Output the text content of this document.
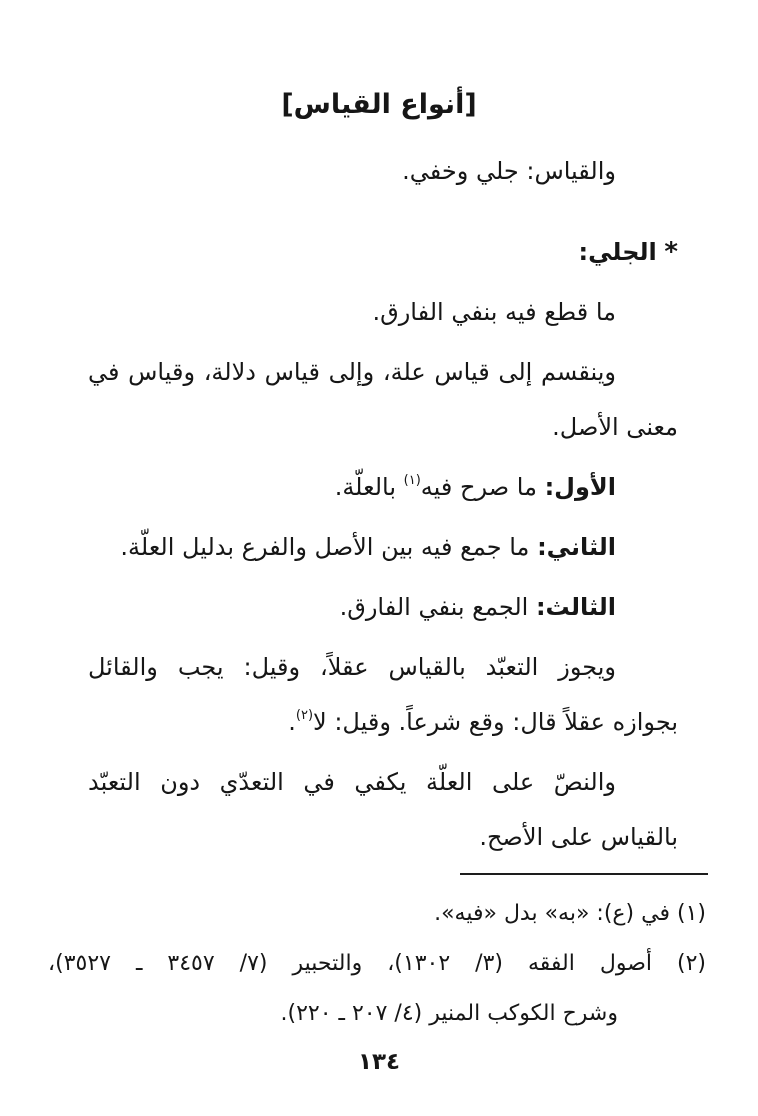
[أنواع القياس]
والقياس: جلي وخفي.
* الجلي:
ما قطع فيه بنفي الفارق.
وينقسم إلى قياس علة، وإلى قياس دلالة، وقياس في
معنى الأصل.
الأول: ما صرح فيه$^{(١)}$ بالعلّة.
الثاني: ما جمع فيه بين الأصل والفرع بدليل العلّة.
الثالث: الجمع بنفي الفارق.
ويجوز التعبّد بالقياس عقلاً، وقيل: يجب والقائل
بجوازه عقلاً قال: وقع شرعاً. وقيل: لا$^{(٢)}$.
والنصّ على العلّة يكفي في التعدّي دون التعبّد
بالقياس على الأصح.
(١) في (ع): «به» بدل «فيه».
(٢) أصول الفقه (٣/ ١٣٠٢)، والتحبير (٧/ ٣٤٥٧ ـ ٣٥٢٧)،
وشرح الكوكب المنير (٤/ ٢٠٧ ـ ٢٢٠).
١٣٤
